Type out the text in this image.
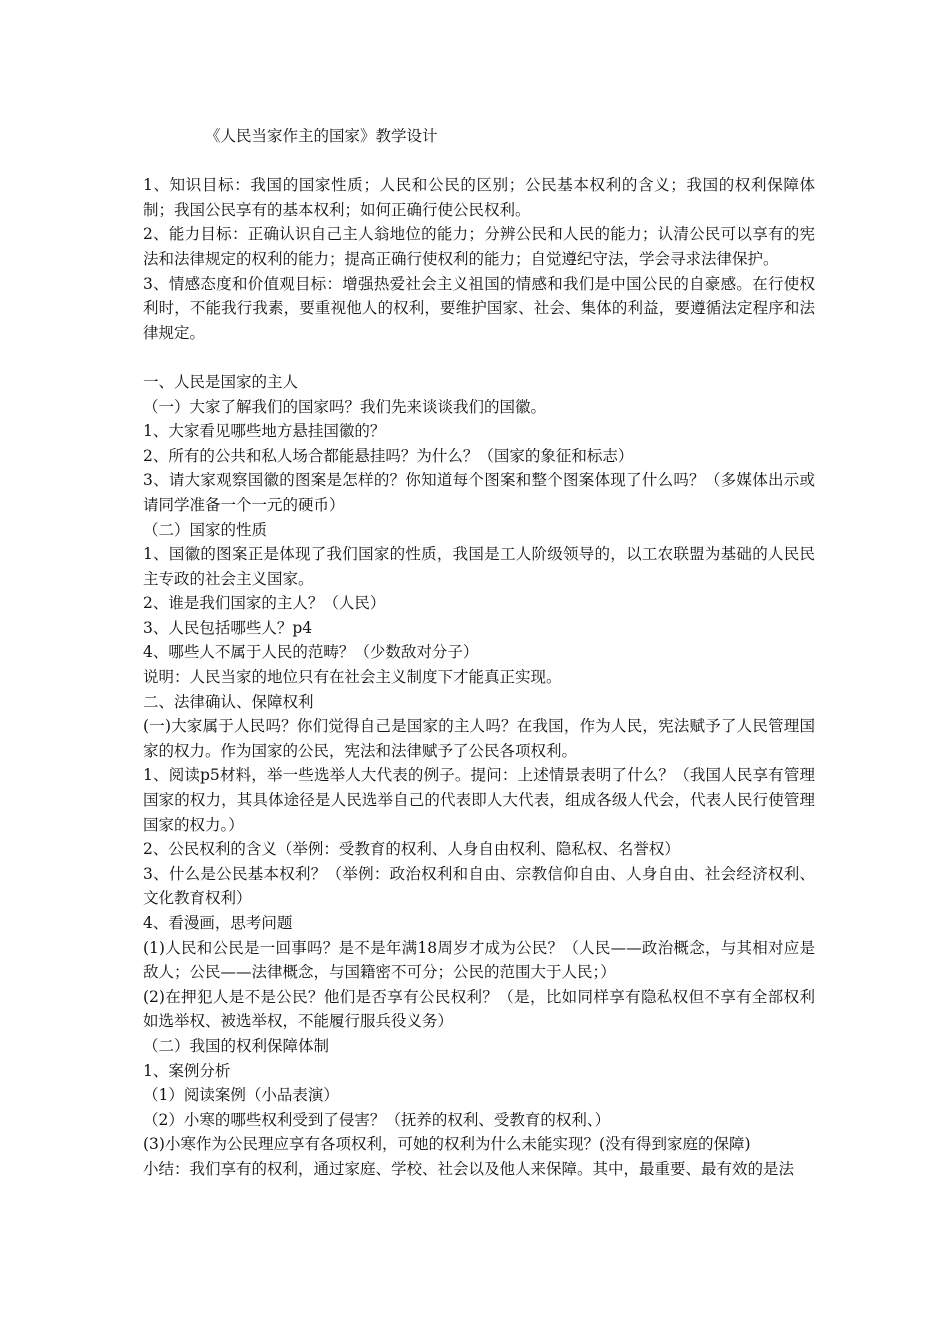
《人民当家作主的国家》教学设计
1、知识目标：我国的国家性质；人民和公民的区别；公民基本权利的含义；我国的权利保障体制；我国公民享有的基本权利；如何正确行使公民权利。
2、能力目标：正确认识自己主人翁地位的能力；分辨公民和人民的能力；认清公民可以享有的宪法和法律规定的权利的能力；提高正确行使权利的能力；自觉遵纪守法，学会寻求法律保护。
3、情感态度和价值观目标：增强热爱社会主义祖国的情感和我们是中国公民的自豪感。在行使权利时，不能我行我素，要重视他人的权利，要维护国家、社会、集体的利益，要遵循法定程序和法律规定。
一、人民是国家的主人
（一）大家了解我们的国家吗？我们先来谈谈我们的国徽。
1、大家看见哪些地方悬挂国徽的？
2、所有的公共和私人场合都能悬挂吗？为什么？（国家的象征和标志）
3、请大家观察国徽的图案是怎样的？你知道每个图案和整个图案体现了什么吗？（多媒体出示或请同学准备一个一元的硬币）
（二）国家的性质
1、国徽的图案正是体现了我们国家的性质，我国是工人阶级领导的，以工农联盟为基础的人民民主专政的社会主义国家。
2、谁是我们国家的主人？（人民）
3、人民包括哪些人？p4
4、哪些人不属于人民的范畴？（少数敌对分子）
说明：人民当家的地位只有在社会主义制度下才能真正实现。
二、法律确认、保障权利
(一)大家属于人民吗？你们觉得自己是国家的主人吗？在我国，作为人民，宪法赋予了人民管理国家的权力。作为国家的公民，宪法和法律赋予了公民各项权利。
1、阅读p5材料，举一些选举人大代表的例子。提问：上述情景表明了什么？（我国人民享有管理国家的权力，其具体途径是人民选举自己的代表即人大代表，组成各级人代会，代表人民行使管理国家的权力。）
2、公民权利的含义（举例：受教育的权利、人身自由权利、隐私权、名誉权）
3、什么是公民基本权利？（举例：政治权利和自由、宗教信仰自由、人身自由、社会经济权利、文化教育权利）
4、看漫画，思考问题
(1)人民和公民是一回事吗？是不是年满18周岁才成为公民？（人民——政治概念，与其相对应是敌人；公民——法律概念，与国籍密不可分；公民的范围大于人民；）
(2)在押犯人是不是公民？他们是否享有公民权利？（是，比如同样享有隐私权但不享有全部权利如选举权、被选举权，不能履行服兵役义务）
（二）我国的权利保障体制
1、案例分析
（1）阅读案例（小品表演）
（2）小寒的哪些权利受到了侵害？（抚养的权利、受教育的权利、）
(3)小寒作为公民理应享有各项权利，可她的权利为什么未能实现？(没有得到家庭的保障)
小结：我们享有的权利，通过家庭、学校、社会以及他人来保障。其中，最重要、最有效的是法
